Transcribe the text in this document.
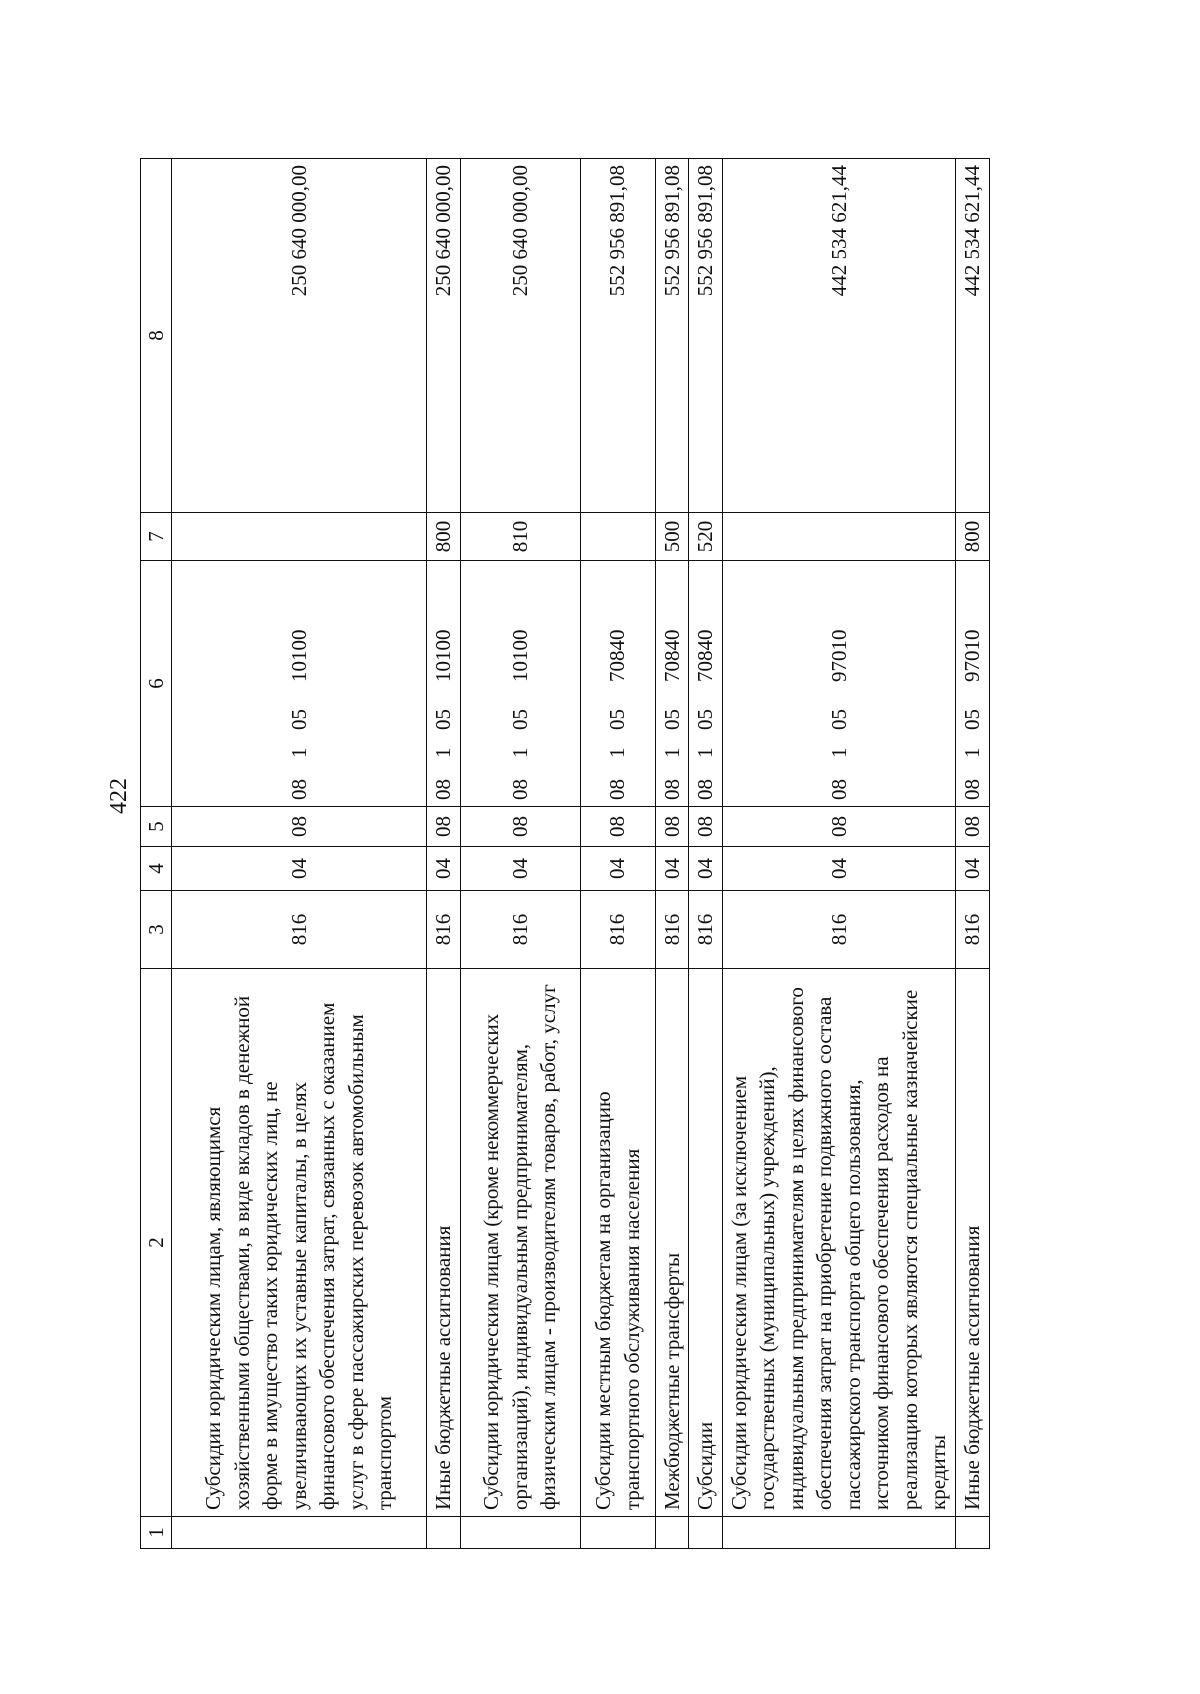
422
1	2	3	4	5	6	7	8
	Субсидии юридическим лицам, являющимся хозяйственными обществами, в виде вкладов в денежной форме в имущество таких юридических лиц, не увеличивающих их уставные капиталы, в целях финансового обеспечения затрат, связанных с оказанием услуг в сфере пассажирских перевозок автомобильным транспортом	816	04	08	0810510100		250 640 000,00
	Иные бюджетные ассигнования	816	04	08	0810510100	800	250 640 000,00
	Субсидии юридическим лицам (кроме некоммерческих организаций), индивидуальным предпринимателям, физическим лицам - производителям товаров, работ, услуг	816	04	08	0810510100	810	250 640 000,00
	Субсидии местным бюджетам на организацию транспортного обслуживания населения	816	04	08	0810570840		552 956 891,08
	Межбюджетные трансферты	816	04	08	0810570840	500	552 956 891,08
	Субсидии	816	04	08	0810570840	520	552 956 891,08
	Субсидии юридическим лицам (за исключением государственных (муниципальных) учреждений), индивидуальным предпринимателям в целях финансового обеспечения затрат на приобретение подвижного состава пассажирского транспорта общего пользования, источником финансового обеспечения расходов на реализацию которых являются специальные казначейские кредиты	816	04	08	0810597010		442 534 621,44
	Иные бюджетные ассигнования	816	04	08	0810597010	800	442 534 621,44
